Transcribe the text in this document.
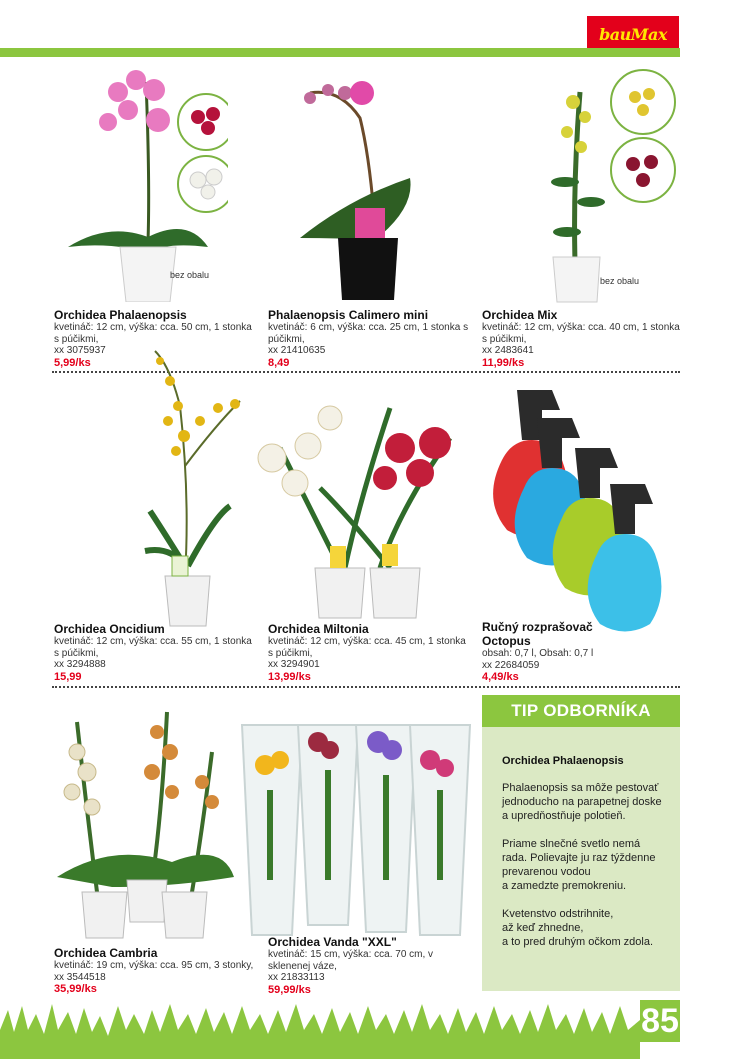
bauMax
bez obalu
bez obalu
Orchidea Phalaenopsis
kvetináč: 12 cm, výška: cca. 50 cm, 1 stonka s púčikmi,
xx 3075937
5,99/ks
Phalaenopsis Calimero mini
kvetináč: 6 cm, výška: cca. 25 cm, 1 stonka s púčikmi,
xx 21410635
8,49
Orchidea Mix
kvetináč: 12 cm, výška: cca. 40 cm, 1 stonka s púčikmi,
xx 2483641
11,99/ks
Orchidea Oncidium
kvetináč: 12 cm, výška: cca. 55 cm, 1 stonka s púčikmi,
xx 3294888
15,99
Orchidea Miltonia
kvetináč: 12 cm, výška: cca. 45 cm, 1 stonka s púčikmi,
xx 3294901
13,99/ks
Ručný rozprašovač Octopus
obsah: 0,7 l, Obsah: 0,7 l
xx 22684059
4,49/ks
Orchidea Cambria
kvetináč: 19 cm, výška: cca. 95 cm, 3 stonky,
xx 3544518
35,99/ks
Orchidea Vanda "XXL"
kvetináč: 15 cm, výška: cca. 70 cm, v sklenenej váze,
xx 21833113
59,99/ks
TIP ODBORNÍKA
Orchidea Phalaenopsis
Phalaenopsis sa môže pestovať
jednoducho na parapetnej doske
a upredňostňuje polotieň.
Priame slnečné svetlo nemá
rada. Polievajte ju raz týždenne
prevarenou vodou
a zamedzte premokreniu.
Kvetenstvo odstrihnite,
až keď zhnedne,
a to pred druhým očkom zdola.
85
